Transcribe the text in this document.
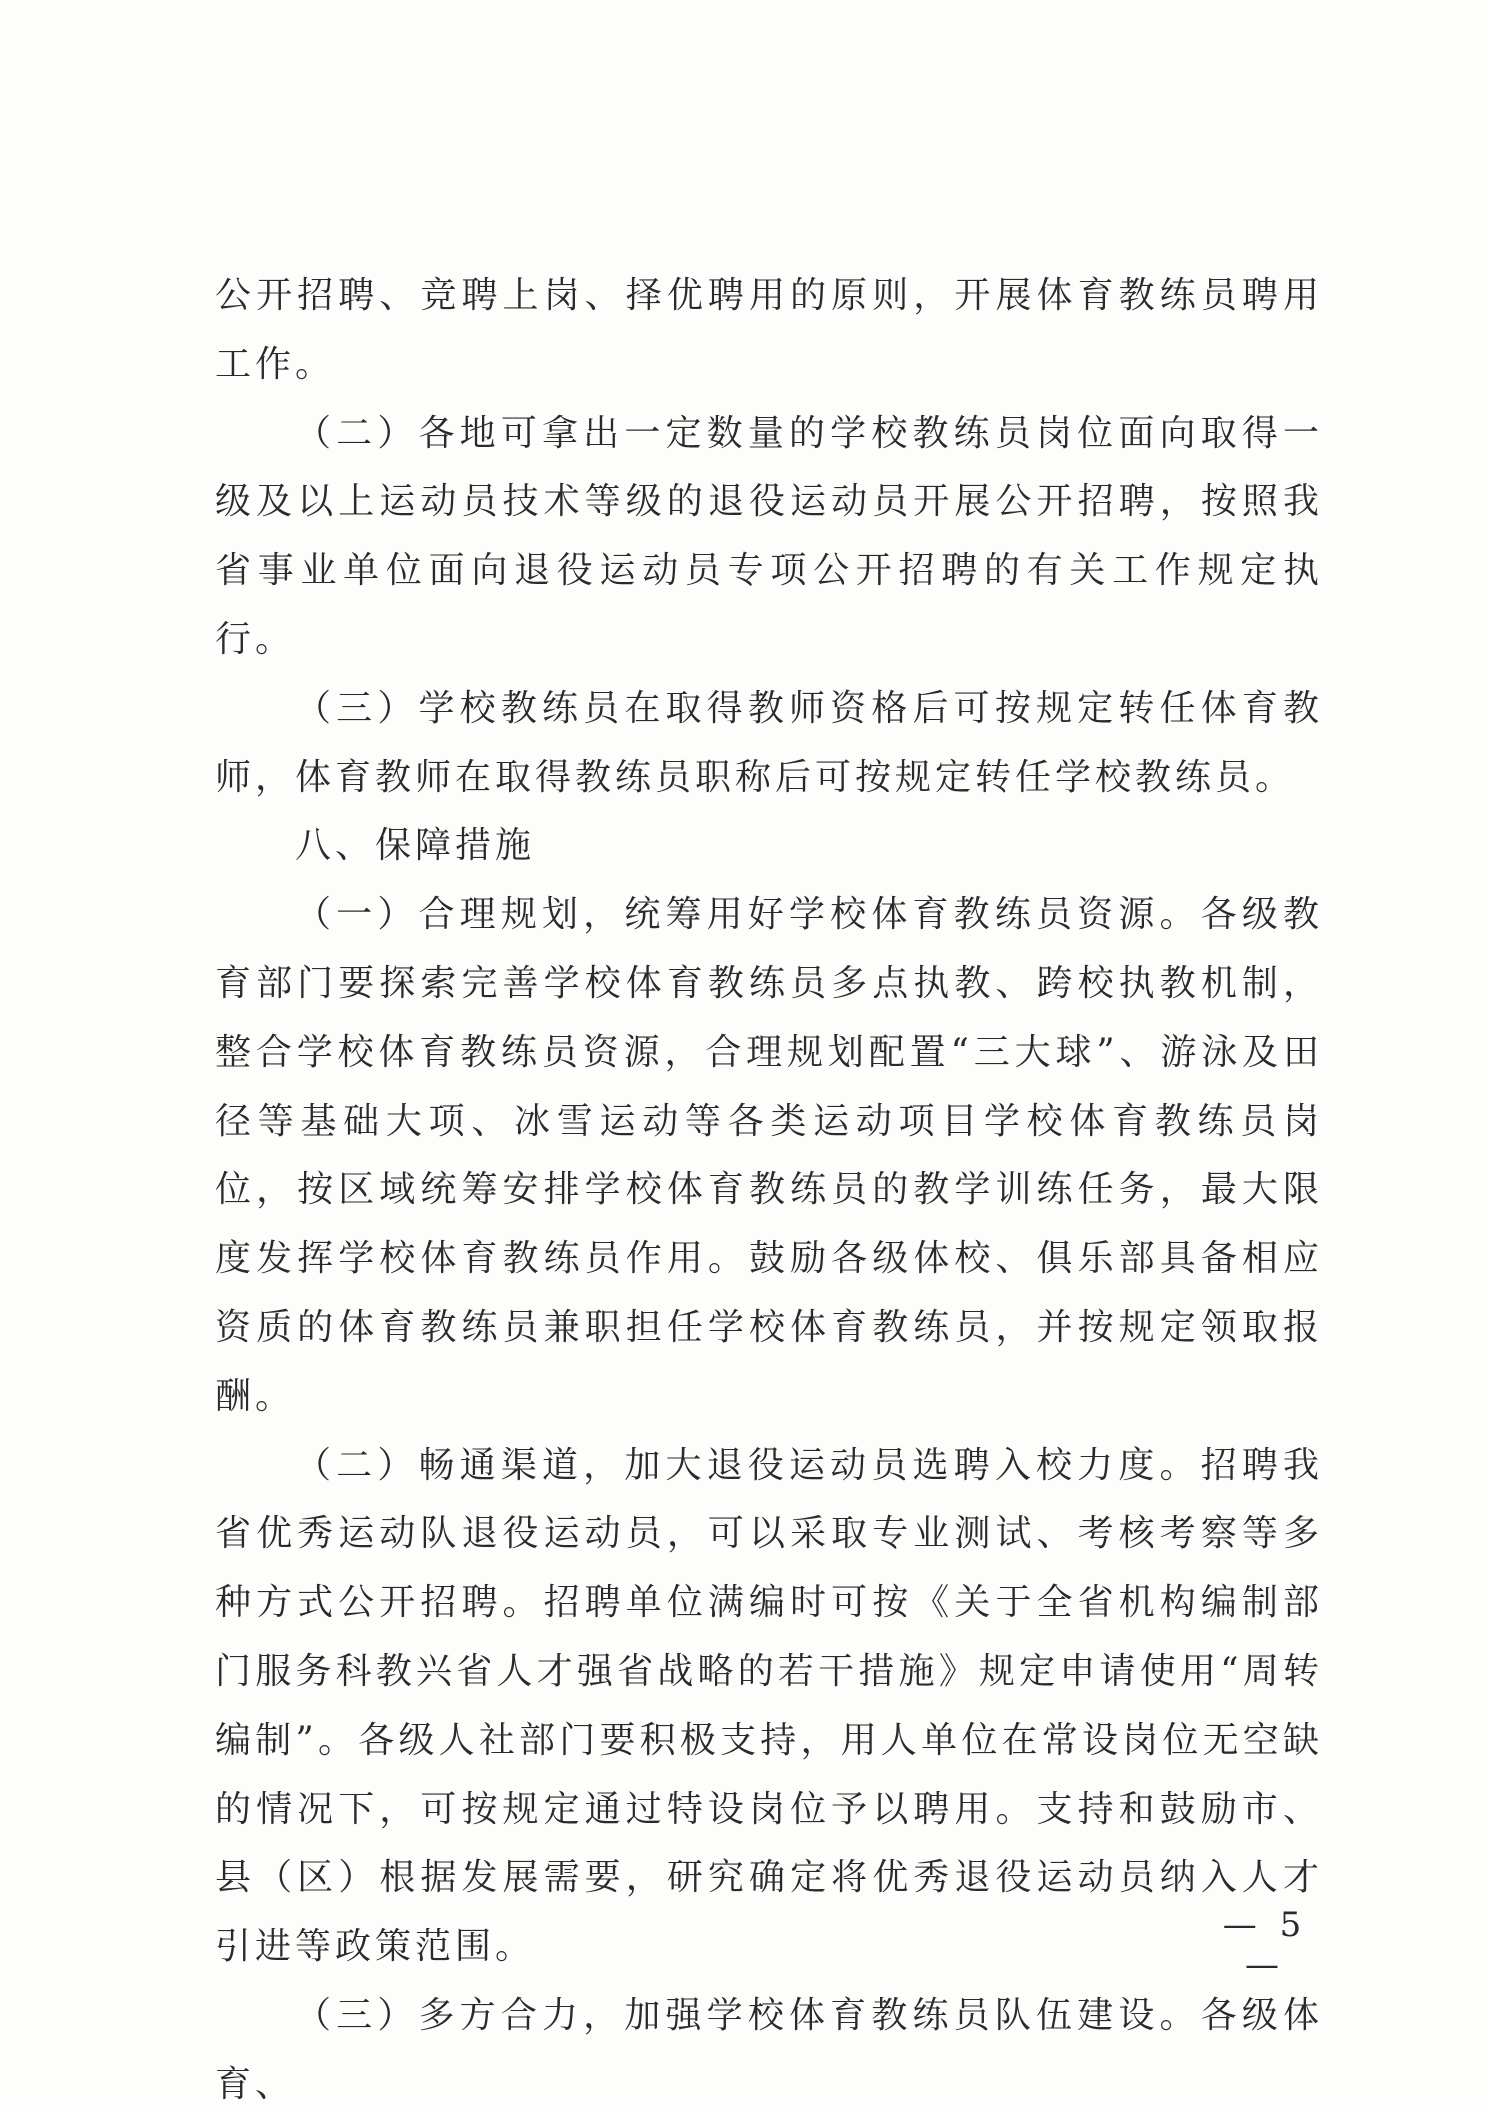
公开招聘、竞聘上岗、择优聘用的原则，开展体育教练员聘用工作。

（二）各地可拿出一定数量的学校教练员岗位面向取得一级及以上运动员技术等级的退役运动员开展公开招聘，按照我省事业单位面向退役运动员专项公开招聘的有关工作规定执行。

（三）学校教练员在取得教师资格后可按规定转任体育教师，体育教师在取得教练员职称后可按规定转任学校教练员。

八、保障措施

（一）合理规划，统筹用好学校体育教练员资源。各级教育部门要探索完善学校体育教练员多点执教、跨校执教机制，整合学校体育教练员资源，合理规划配置“三大球”、游泳及田径等基础大项、冰雪运动等各类运动项目学校体育教练员岗位，按区域统筹安排学校体育教练员的教学训练任务，最大限度发挥学校体育教练员作用。鼓励各级体校、俱乐部具备相应资质的体育教练员兼职担任学校体育教练员，并按规定领取报酬。

（二）畅通渠道，加大退役运动员选聘入校力度。招聘我省优秀运动队退役运动员，可以采取专业测试、考核考察等多种方式公开招聘。招聘单位满编时可按《关于全省机构编制部门服务科教兴省人才强省战略的若干措施》规定申请使用“周转编制”。各级人社部门要积极支持，用人单位在常设岗位无空缺的情况下，可按规定通过特设岗位予以聘用。支持和鼓励市、县（区）根据发展需要，研究确定将优秀退役运动员纳入人才引进等政策范围。

（三）多方合力，加强学校体育教练员队伍建设。各级体育、

— 5 —
